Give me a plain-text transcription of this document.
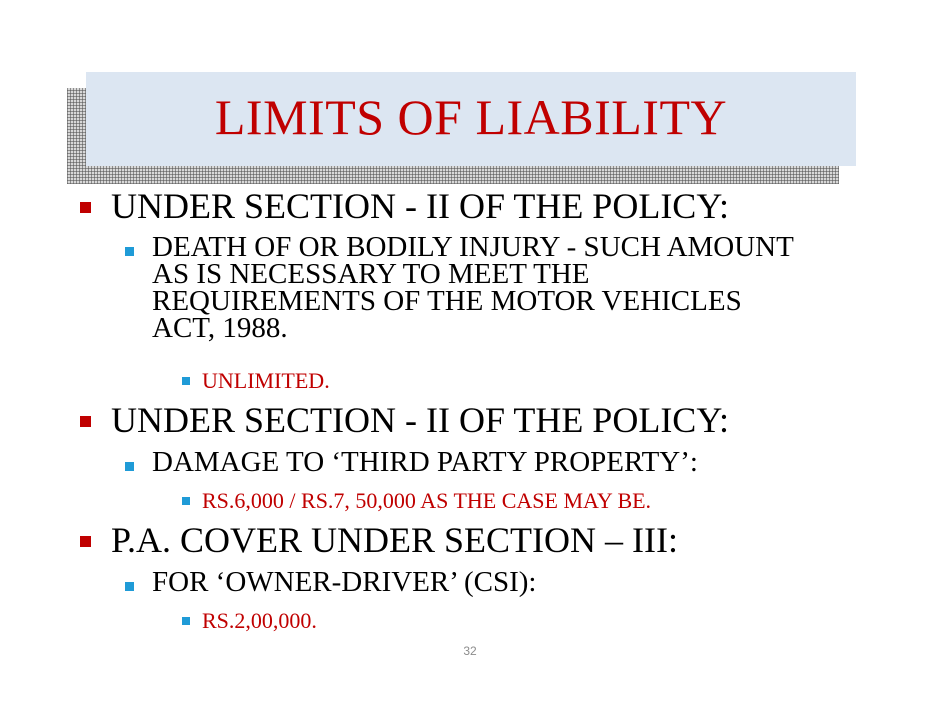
LIMITS OF LIABILITY
UNDER SECTION - II OF THE POLICY:
DEATH OF OR BODILY INJURY - SUCH AMOUNT AS IS NECESSARY TO MEET THE REQUIREMENTS OF THE MOTOR VEHICLES ACT, 1988.
UNLIMITED.
UNDER SECTION - II OF THE POLICY:
DAMAGE TO ‘THIRD PARTY PROPERTY’:
RS.6,000 / RS.7, 50,000 AS THE CASE MAY BE.
P.A. COVER UNDER SECTION – III:
FOR ‘OWNER-DRIVER’ (CSI):
RS.2,00,000.
32
